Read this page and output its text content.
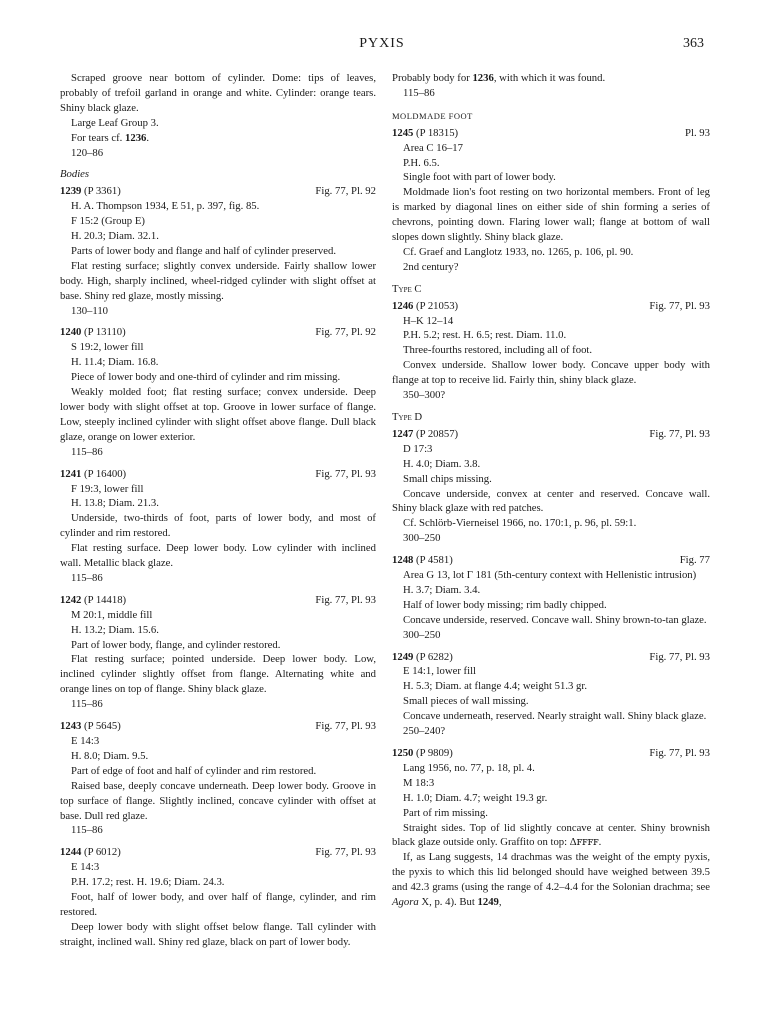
PYXIS	363

Scraped groove near bottom of cylinder. Dome: tips of leaves, probably of trefoil garland in orange and white. Cylinder: orange tears. Shiny black glaze.

Large Leaf Group 3.

For tears cf. 1236.

120–86

Bodies
1239 (P 3361)	Fig. 77, Pl. 92

H. A. Thompson 1934, E 51, p. 397, fig. 85.

F 15:2 (Group E)

H. 20.3; Diam. 32.1.

Parts of lower body and flange and half of cylinder preserved.

Flat resting surface; slightly convex underside. Fairly shallow lower body. High, sharply inclined, wheel-ridged cylinder with slight offset at base. Shiny red glaze, mostly missing.

130–110

1240 (P 13110)	Fig. 77, Pl. 92

S 19:2, lower fill

H. 11.4; Diam. 16.8.

Piece of lower body and one-third of cylinder and rim missing.

Weakly molded foot; flat resting surface; convex underside. Deep lower body with slight offset at top. Groove in lower surface of flange. Low, steeply inclined cylinder with slight offset above flange. Dull black glaze, orange on lower exterior.

115–86

1241 (P 16400)	Fig. 77, Pl. 93

F 19:3, lower fill

H. 13.8; Diam. 21.3.

Underside, two-thirds of foot, parts of lower body, and most of cylinder and rim restored.

Flat resting surface. Deep lower body. Low cylinder with inclined wall. Metallic black glaze.

115–86

1242 (P 14418)	Fig. 77, Pl. 93

M 20:1, middle fill

H. 13.2; Diam. 15.6.

Part of lower body, flange, and cylinder restored.

Flat resting surface; pointed underside. Deep lower body. Low, inclined cylinder slightly offset from flange. Alternating white and orange lines on top of flange. Shiny black glaze.

115–86

1243 (P 5645)	Fig. 77, Pl. 93

E 14:3

H. 8.0; Diam. 9.5.

Part of edge of foot and half of cylinder and rim restored.

Raised base, deeply concave underneath. Deep lower body. Groove in top surface of flange. Slightly inclined, concave cylinder with offset at base. Dull red glaze.

115–86

1244 (P 6012)	Fig. 77, Pl. 93

E 14:3

P.H. 17.2; rest. H. 19.6; Diam. 24.3.

Foot, half of lower body, and over half of flange, cylinder, and rim restored.

Deep lower body with slight offset below flange. Tall cylinder with straight, inclined wall. Shiny red glaze, black on part of lower body.

Probably body for 1236, with which it was found.

115–86

MOLDMADE FOOT
1245 (P 18315)	Pl. 93

Area C 16–17

P.H. 6.5.

Single foot with part of lower body.

Moldmade lion's foot resting on two horizontal members. Front of leg is marked by diagonal lines on either side of shin forming a series of chevrons, pointing down. Flaring lower wall; flange at bottom of wall slopes down slightly. Shiny black glaze.

Cf. Graef and Langlotz 1933, no. 1265, p. 106, pl. 90.

2nd century?

Type C
1246 (P 21053)	Fig. 77, Pl. 93

H–K 12–14

P.H. 5.2; rest. H. 6.5; rest. Diam. 11.0.

Three-fourths restored, including all of foot.

Convex underside. Shallow lower body. Concave upper body with flange at top to receive lid. Fairly thin, shiny black glaze.

350–300?

Type D
1247 (P 20857)	Fig. 77, Pl. 93

D 17:3

H. 4.0; Diam. 3.8.

Small chips missing.

Concave underside, convex at center and reserved. Concave wall. Shiny black glaze with red patches.

Cf. Schlörb-Vierneisel 1966, no. 170:1, p. 96, pl. 59:1.

300–250

1248 (P 4581)	Fig. 77

Area G 13, lot Γ 181 (5th-century context with Hellenistic intrusion)

H. 3.7; Diam. 3.4.

Half of lower body missing; rim badly chipped.

Concave underside, reserved. Concave wall. Shiny brown-to-tan glaze.

300–250

1249 (P 6282)	Fig. 77, Pl. 93

E 14:1, lower fill

H. 5.3; Diam. at flange 4.4; weight 51.3 gr.

Small pieces of wall missing.

Concave underneath, reserved. Nearly straight wall. Shiny black glaze.

250–240?

1250 (P 9809)	Fig. 77, Pl. 93

Lang 1956, no. 77, p. 18, pl. 4.

M 18:3

H. 1.0; Diam. 4.7; weight 19.3 gr.

Part of rim missing.

Straight sides. Top of lid slightly concave at center. Shiny brownish black glaze outside only. Graffito on top: Δꜰꜰꜰꜰ.

If, as Lang suggests, 14 drachmas was the weight of the empty pyxis, the pyxis to which this lid belonged should have weighed between 39.5 and 42.3 grams (using the range of 4.2–4.4 for the Solonian drachma; see Agora X, p. 4). But 1249,
